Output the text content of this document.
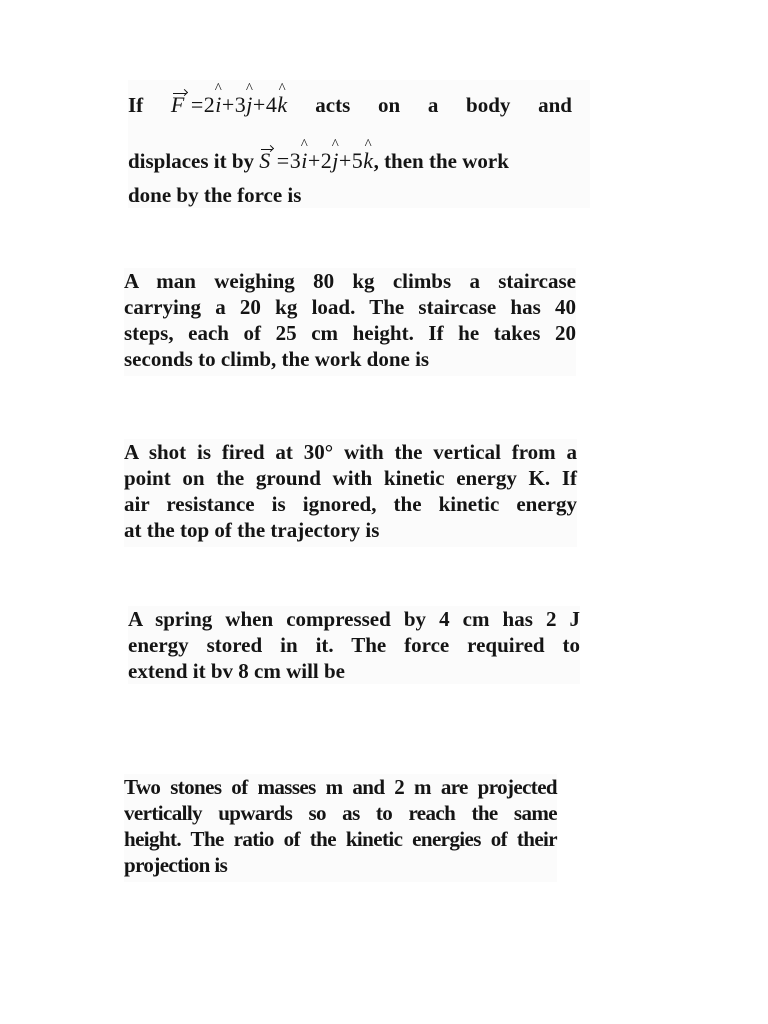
If F =2^ i+3^ j+4^ k acts on a body and
displaces it by
S =3^ i+2^ j+5^ k , then the work
done by the force is
A man weighing 80 kg climbs a staircase
carrying a 20 kg load. The staircase has 40
steps, each of 25 cm height. If he takes 20
seconds to climb, the work done is
A shot is fired at 30° with the vertical from a
point on the ground with kinetic energy K. If
air resistance is ignored, the kinetic energy
at the top of the trajectory is
A spring when compressed by 4 cm has 2 J
energy stored in it. The force required to
extend it bv 8 cm will be
Two stones of masses m and 2 m are projected
vertically upwards so as to reach the same
height. The ratio of the kinetic energies of their
projection is
